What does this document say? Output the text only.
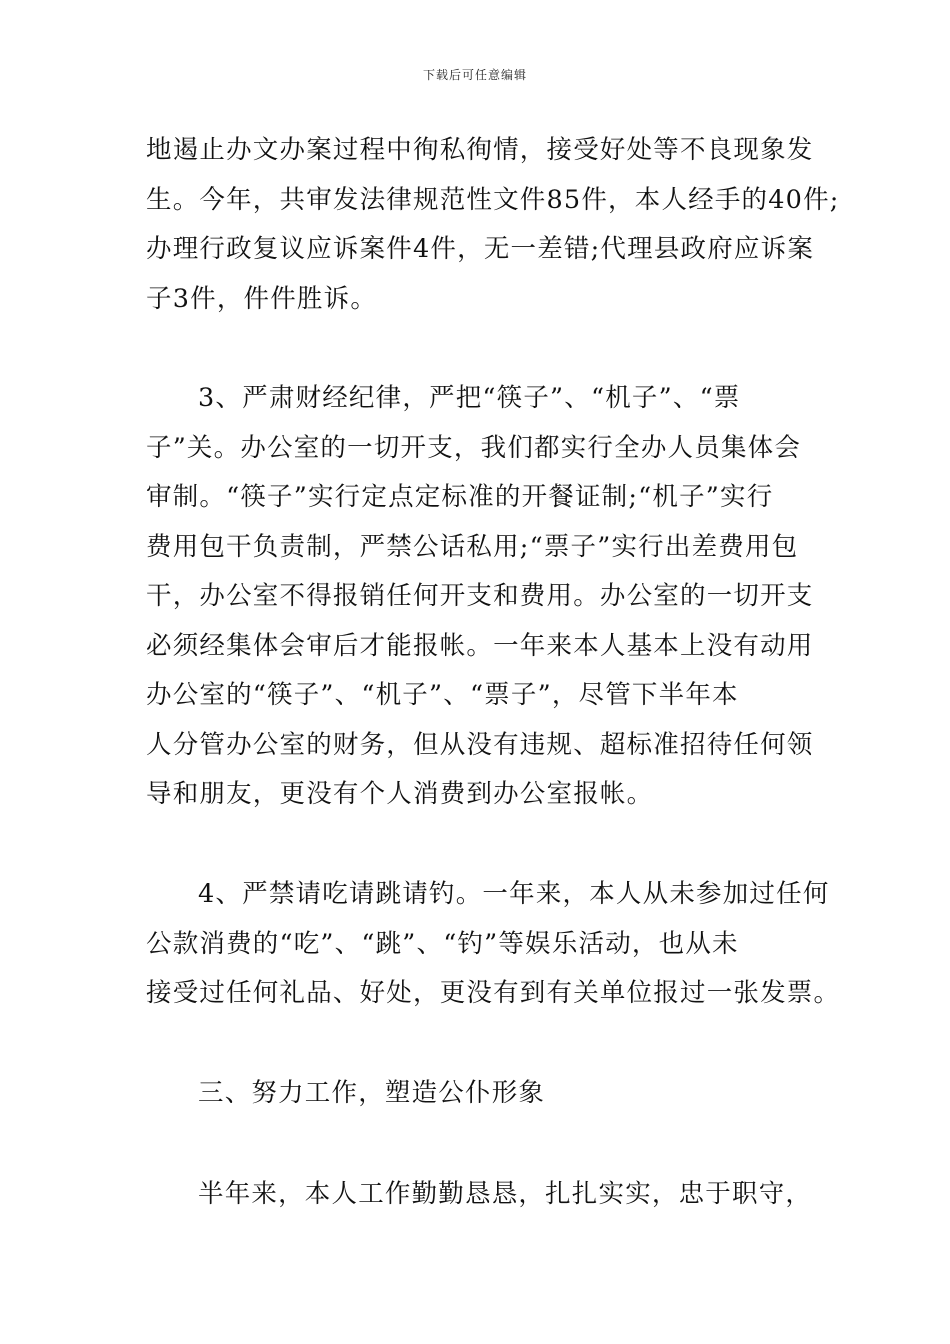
下载后可任意编辑
地遏止办文办案过程中徇私徇情，接受好处等不良现象发
生。今年，共审发法律规范性文件85件，本人经手的40件;
办理行政复议应诉案件4件，无一差错;代理县政府应诉案
子3件，件件胜诉。
3、严肃财经纪律，严把“筷子”、“机子”、“票
子”关。办公室的一切开支，我们都实行全办人员集体会
审制。“筷子”实行定点定标准的开餐证制;“机子”实行
费用包干负责制，严禁公话私用;“票子”实行出差费用包
干，办公室不得报销任何开支和费用。办公室的一切开支
必须经集体会审后才能报帐。一年来本人基本上没有动用
办公室的“筷子”、“机子”、“票子”，尽管下半年本
人分管办公室的财务，但从没有违规、超标准招待任何领
导和朋友，更没有个人消费到办公室报帐。
4、严禁请吃请跳请钓。一年来，本人从未参加过任何
公款消费的“吃”、“跳”、“钓”等娱乐活动，也从未
接受过任何礼品、好处，更没有到有关单位报过一张发票。
三、努力工作，塑造公仆形象
半年来，本人工作勤勤恳恳，扎扎实实，忠于职守，
